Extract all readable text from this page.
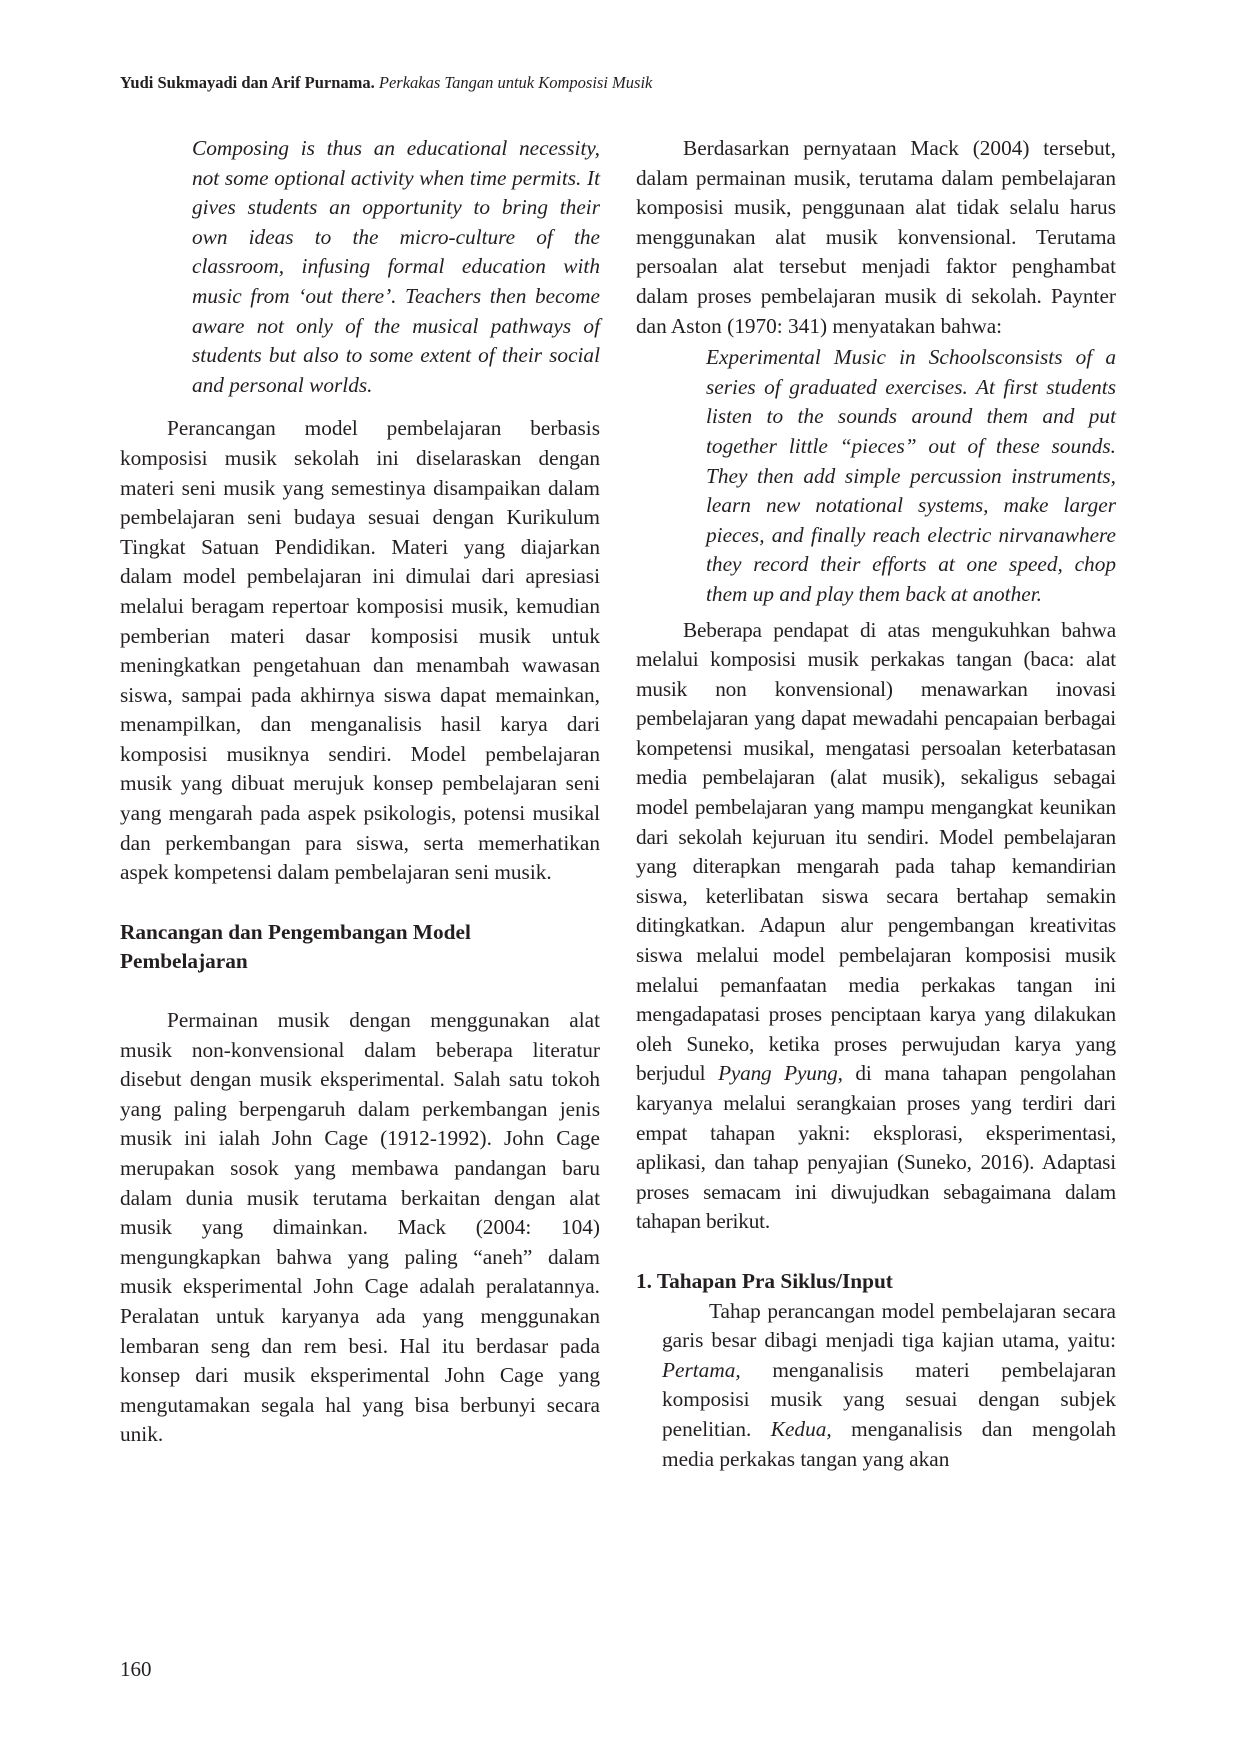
Yudi Sukmayadi dan Arif Purnama. Perkakas Tangan untuk Komposisi Musik

Composing is thus an educational necessity, not some optional activity when time permits. It gives students an opportunity to bring their own ideas to the micro-culture of the classroom, infusing formal education with music from ‘out there’. Teachers then become aware not only of the musical pathways of students but also to some extent of their social and personal worlds.

Perancangan model pembelajaran berbasis komposisi musik sekolah ini diselaraskan dengan materi seni musik yang semestinya disampaikan dalam pembelajaran seni budaya sesuai dengan Kurikulum Tingkat Satuan Pendidikan. Materi yang diajarkan dalam model pembelajaran ini dimulai dari apresiasi melalui beragam repertoar komposisi musik, kemudian pemberian materi dasar komposisi musik untuk meningkatkan pengetahuan dan menambah wawasan siswa, sampai pada akhirnya siswa dapat memainkan, menampilkan, dan menganalisis hasil karya dari komposisi musiknya sendiri. Model pembelajaran musik yang dibuat merujuk konsep pembelajaran seni yang mengarah pada aspek psikologis, potensi musikal dan perkembangan para siswa, serta memerhatikan aspek kompetensi dalam pembelajaran seni musik.

Rancangan dan Pengembangan Model
Pembelajaran

Permainan musik dengan menggunakan alat musik non-konvensional dalam beberapa literatur disebut dengan musik eksperimental. Salah satu tokoh yang paling berpengaruh dalam perkembangan jenis musik ini ialah John Cage (1912-1992). John Cage merupakan sosok yang membawa pandangan baru dalam dunia musik terutama berkaitan dengan alat musik yang dimainkan. Mack (2004: 104) mengungkapkan bahwa yang paling “aneh” dalam musik eksperimental John Cage adalah peralatannya. Peralatan untuk karyanya ada yang menggunakan lembaran seng dan rem besi. Hal itu berdasar pada konsep dari musik eksperimental John Cage yang mengutamakan segala hal yang bisa berbunyi secara unik.

Berdasarkan pernyataan Mack (2004) tersebut, dalam permainan musik, terutama dalam pembelajaran komposisi musik, penggunaan alat tidak selalu harus menggunakan alat musik konvensional. Terutama persoalan alat tersebut menjadi faktor penghambat dalam proses pembelajaran musik di sekolah. Paynter dan Aston (1970: 341) menyatakan bahwa:

Experimental Music in Schoolsconsists of a series of graduated exercises. At first students listen to the sounds around them and put together little “pieces” out of these sounds. They then add simple percussion instruments, learn new notational systems, make larger pieces, and finally reach electric nirvanawhere they record their efforts at one speed, chop them up and play them back at another.

Beberapa pendapat di atas mengukuhkan bahwa melalui komposisi musik perkakas tangan (baca: alat musik non konvensional) menawarkan inovasi pembelajaran yang dapat mewadahi pencapaian berbagai kompetensi musikal, mengatasi persoalan keterbatasan media pembelajaran (alat musik), sekaligus sebagai model pembelajaran yang mampu mengangkat keunikan dari sekolah kejuruan itu sendiri. Model pembelajaran yang diterapkan mengarah pada tahap kemandirian siswa, keterlibatan siswa secara bertahap semakin ditingkatkan. Adapun alur pengembangan kreativitas siswa melalui model pembelajaran komposisi musik melalui pemanfaatan media perkakas tangan ini mengadapatasi proses penciptaan karya yang dilakukan oleh Suneko, ketika proses perwujudan karya yang berjudul Pyang Pyung, di mana tahapan pengolahan karyanya melalui serangkaian proses yang terdiri dari empat tahapan yakni: eksplorasi, eksperimentasi, aplikasi, dan tahap penyajian (Suneko, 2016). Adaptasi proses semacam ini diwujudkan sebagaimana dalam tahapan berikut.

1. Tahapan Pra Siklus/Input

Tahap perancangan model pembelajaran secara garis besar dibagi menjadi tiga kajian utama, yaitu: Pertama, menganalisis materi pembelajaran komposisi musik yang sesuai dengan subjek penelitian. Kedua, menganalisis dan mengolah media perkakas tangan yang akan

160
